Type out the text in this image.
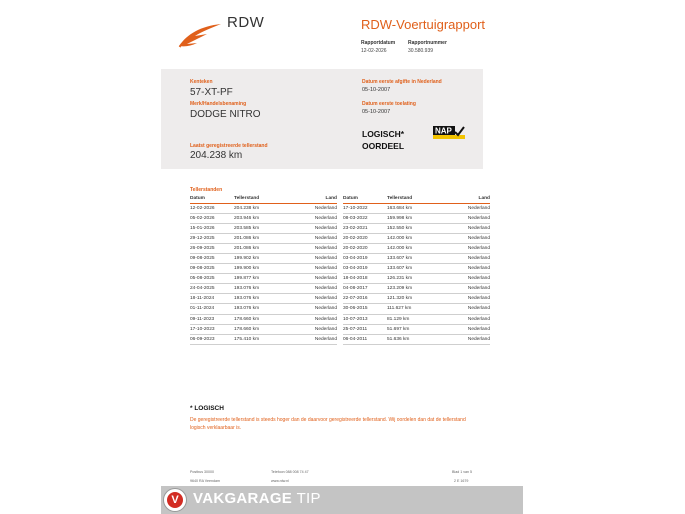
RDW	RDW-Voertuigrapport
Rapportdatum
12-02-2026
Rapportnummer
30.580.939
Kenteken
57-XT-PF
Merk/Handelsbenaming
DODGE NITRO
Laatst geregistreerde tellerstand
204.238 km
Datum eerste afgifte in Nederland
05-10-2007
Datum eerste toelating
05-10-2007
LOGISCH*
OORDEEL
NAP
Tellerstanden
Datum	Tellerstand	Land
12-02-2026	204.238 km	Nederland
05-02-2026	203.946 km	Nederland
15-01-2026	203.585 km	Nederland
29-12-2025	201.086 km	Nederland
26-09-2025	201.086 km	Nederland
09-08-2025	199.902 km	Nederland
09-08-2025	199.900 km	Nederland
05-08-2025	199.877 km	Nederland
24-04-2025	193.076 km	Nederland
18-11-2024	193.076 km	Nederland
01-11-2024	193.076 km	Nederland
09-11-2023	178.660 km	Nederland
17-10-2023	178.660 km	Nederland
06-09-2023	175.410 km	Nederland
Datum	Tellerstand	Land
17-10-2022	163.684 km	Nederland
08-03-2022	159.998 km	Nederland
23-02-2021	152.550 km	Nederland
20-02-2020	142.000 km	Nederland
20-02-2020	142.000 km	Nederland
03-04-2019	133.607 km	Nederland
03-04-2019	133.607 km	Nederland
18-04-2018	126.231 km	Nederland
04-08-2017	123.209 km	Nederland
22-07-2016	121.320 km	Nederland
30-06-2015	111.627 km	Nederland
10-07-2013	81.129 km	Nederland
25-07-2011	51.697 km	Nederland
06-04-2011	51.636 km	Nederland
* LOGISCH
De geregistreerde tellerstand is steeds hoger dan de daarvoor geregistreerde tellerstand. Wij oordelen dan dat de tellerstand logisch verklaarbaar is.
Postbus 30000
9640 RA Veendam
Telefoon 088 008 74 47
www.rdw.nl
Blad 1 van 5
2 E 1679
V VAKGARAGE TIP
